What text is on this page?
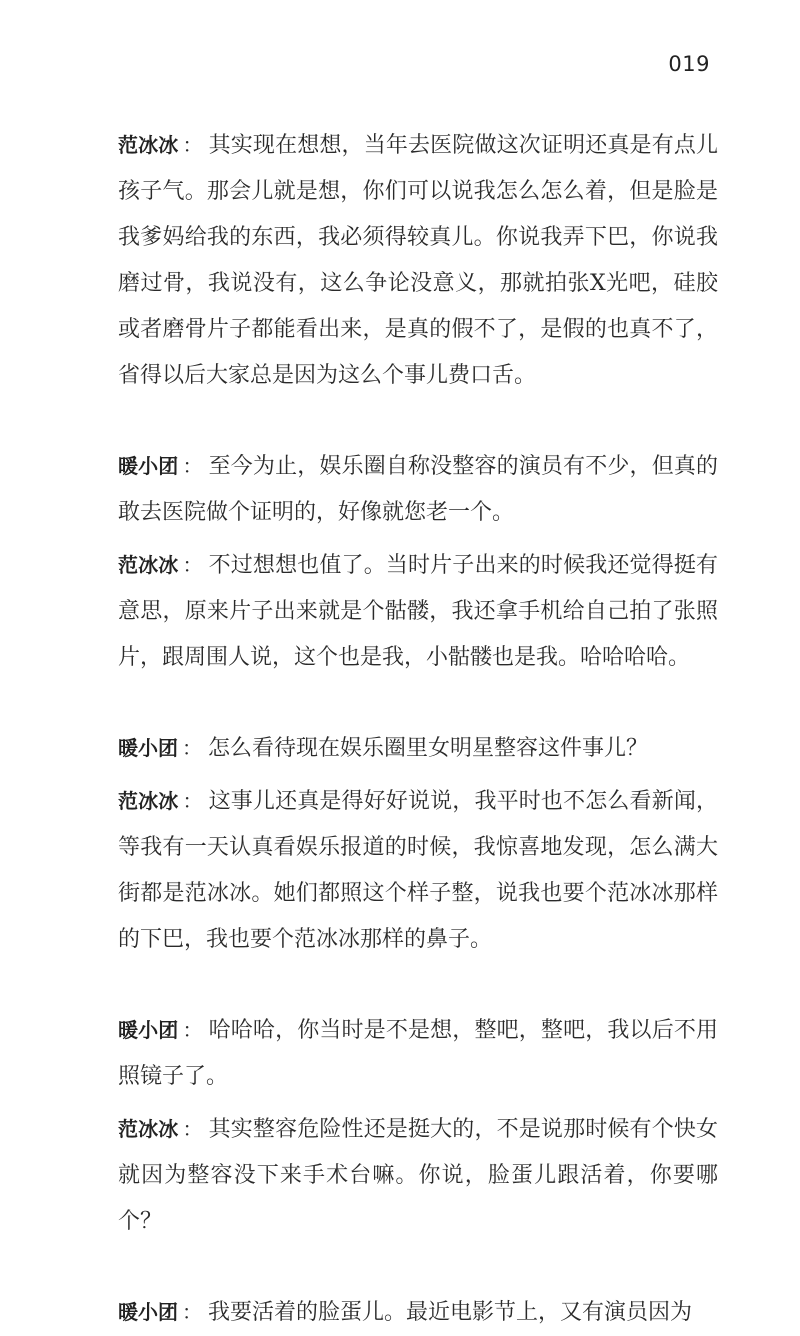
019

范冰冰 ： 其实现在想想，当年去医院做这次证明还真是有点儿孩子气。那会儿就是想，你们可以说我怎么怎么着，但是脸是我爹妈给我的东西，我必须得较真儿。你说我弄下巴，你说我磨过骨，我说没有，这么争论没意义，那就拍张X光吧，硅胶或者磨骨片子都能看出来，是真的假不了，是假的也真不了，省得以后大家总是因为这么个事儿费口舌。

暖小团 ： 至今为止，娱乐圈自称没整容的演员有不少，但真的敢去医院做个证明的，好像就您老一个。

范冰冰 ： 不过想想也值了。当时片子出来的时候我还觉得挺有意思，原来片子出来就是个骷髅，我还拿手机给自己拍了张照片，跟周围人说，这个也是我，小骷髅也是我。哈哈哈哈。

暖小团 ： 怎么看待现在娱乐圈里女明星整容这件事儿？

范冰冰 ： 这事儿还真是得好好说说，我平时也不怎么看新闻，等我有一天认真看娱乐报道的时候，我惊喜地发现，怎么满大街都是范冰冰。她们都照这个样子整，说我也要个范冰冰那样的下巴，我也要个范冰冰那样的鼻子。

暖小团 ： 哈哈哈，你当时是不是想，整吧，整吧，我以后不用照镜子了。

范冰冰 ： 其实整容危险性还是挺大的，不是说那时候有个快女就因为整容没下来手术台嘛。你说，脸蛋儿跟活着，你要哪个？

暖小团 ： 我要活着的脸蛋儿。最近电影节上，又有演员因为
